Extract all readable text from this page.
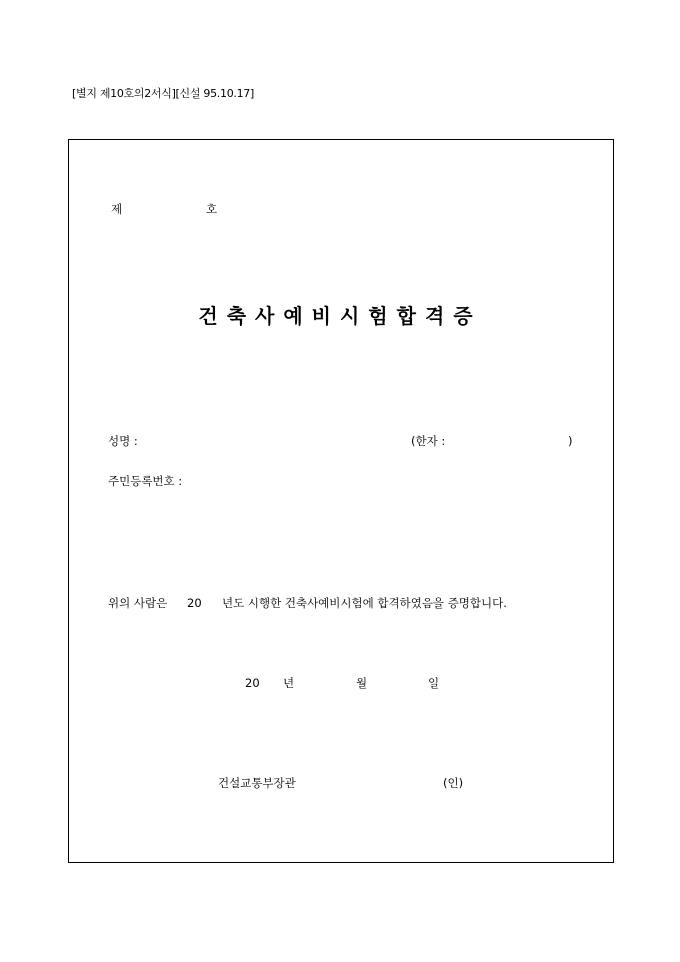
[별지 제10호의2서식][신설 95.10.17]
제	호
건축사예비시험합격증
성명 :	(한자 :	)
주민등록번호 :
위의 사람은 20 년도 시행한 건축사예비시험에 합격하였음을 증명합니다.
20 년	월	일
건설교통부장관	(인)
